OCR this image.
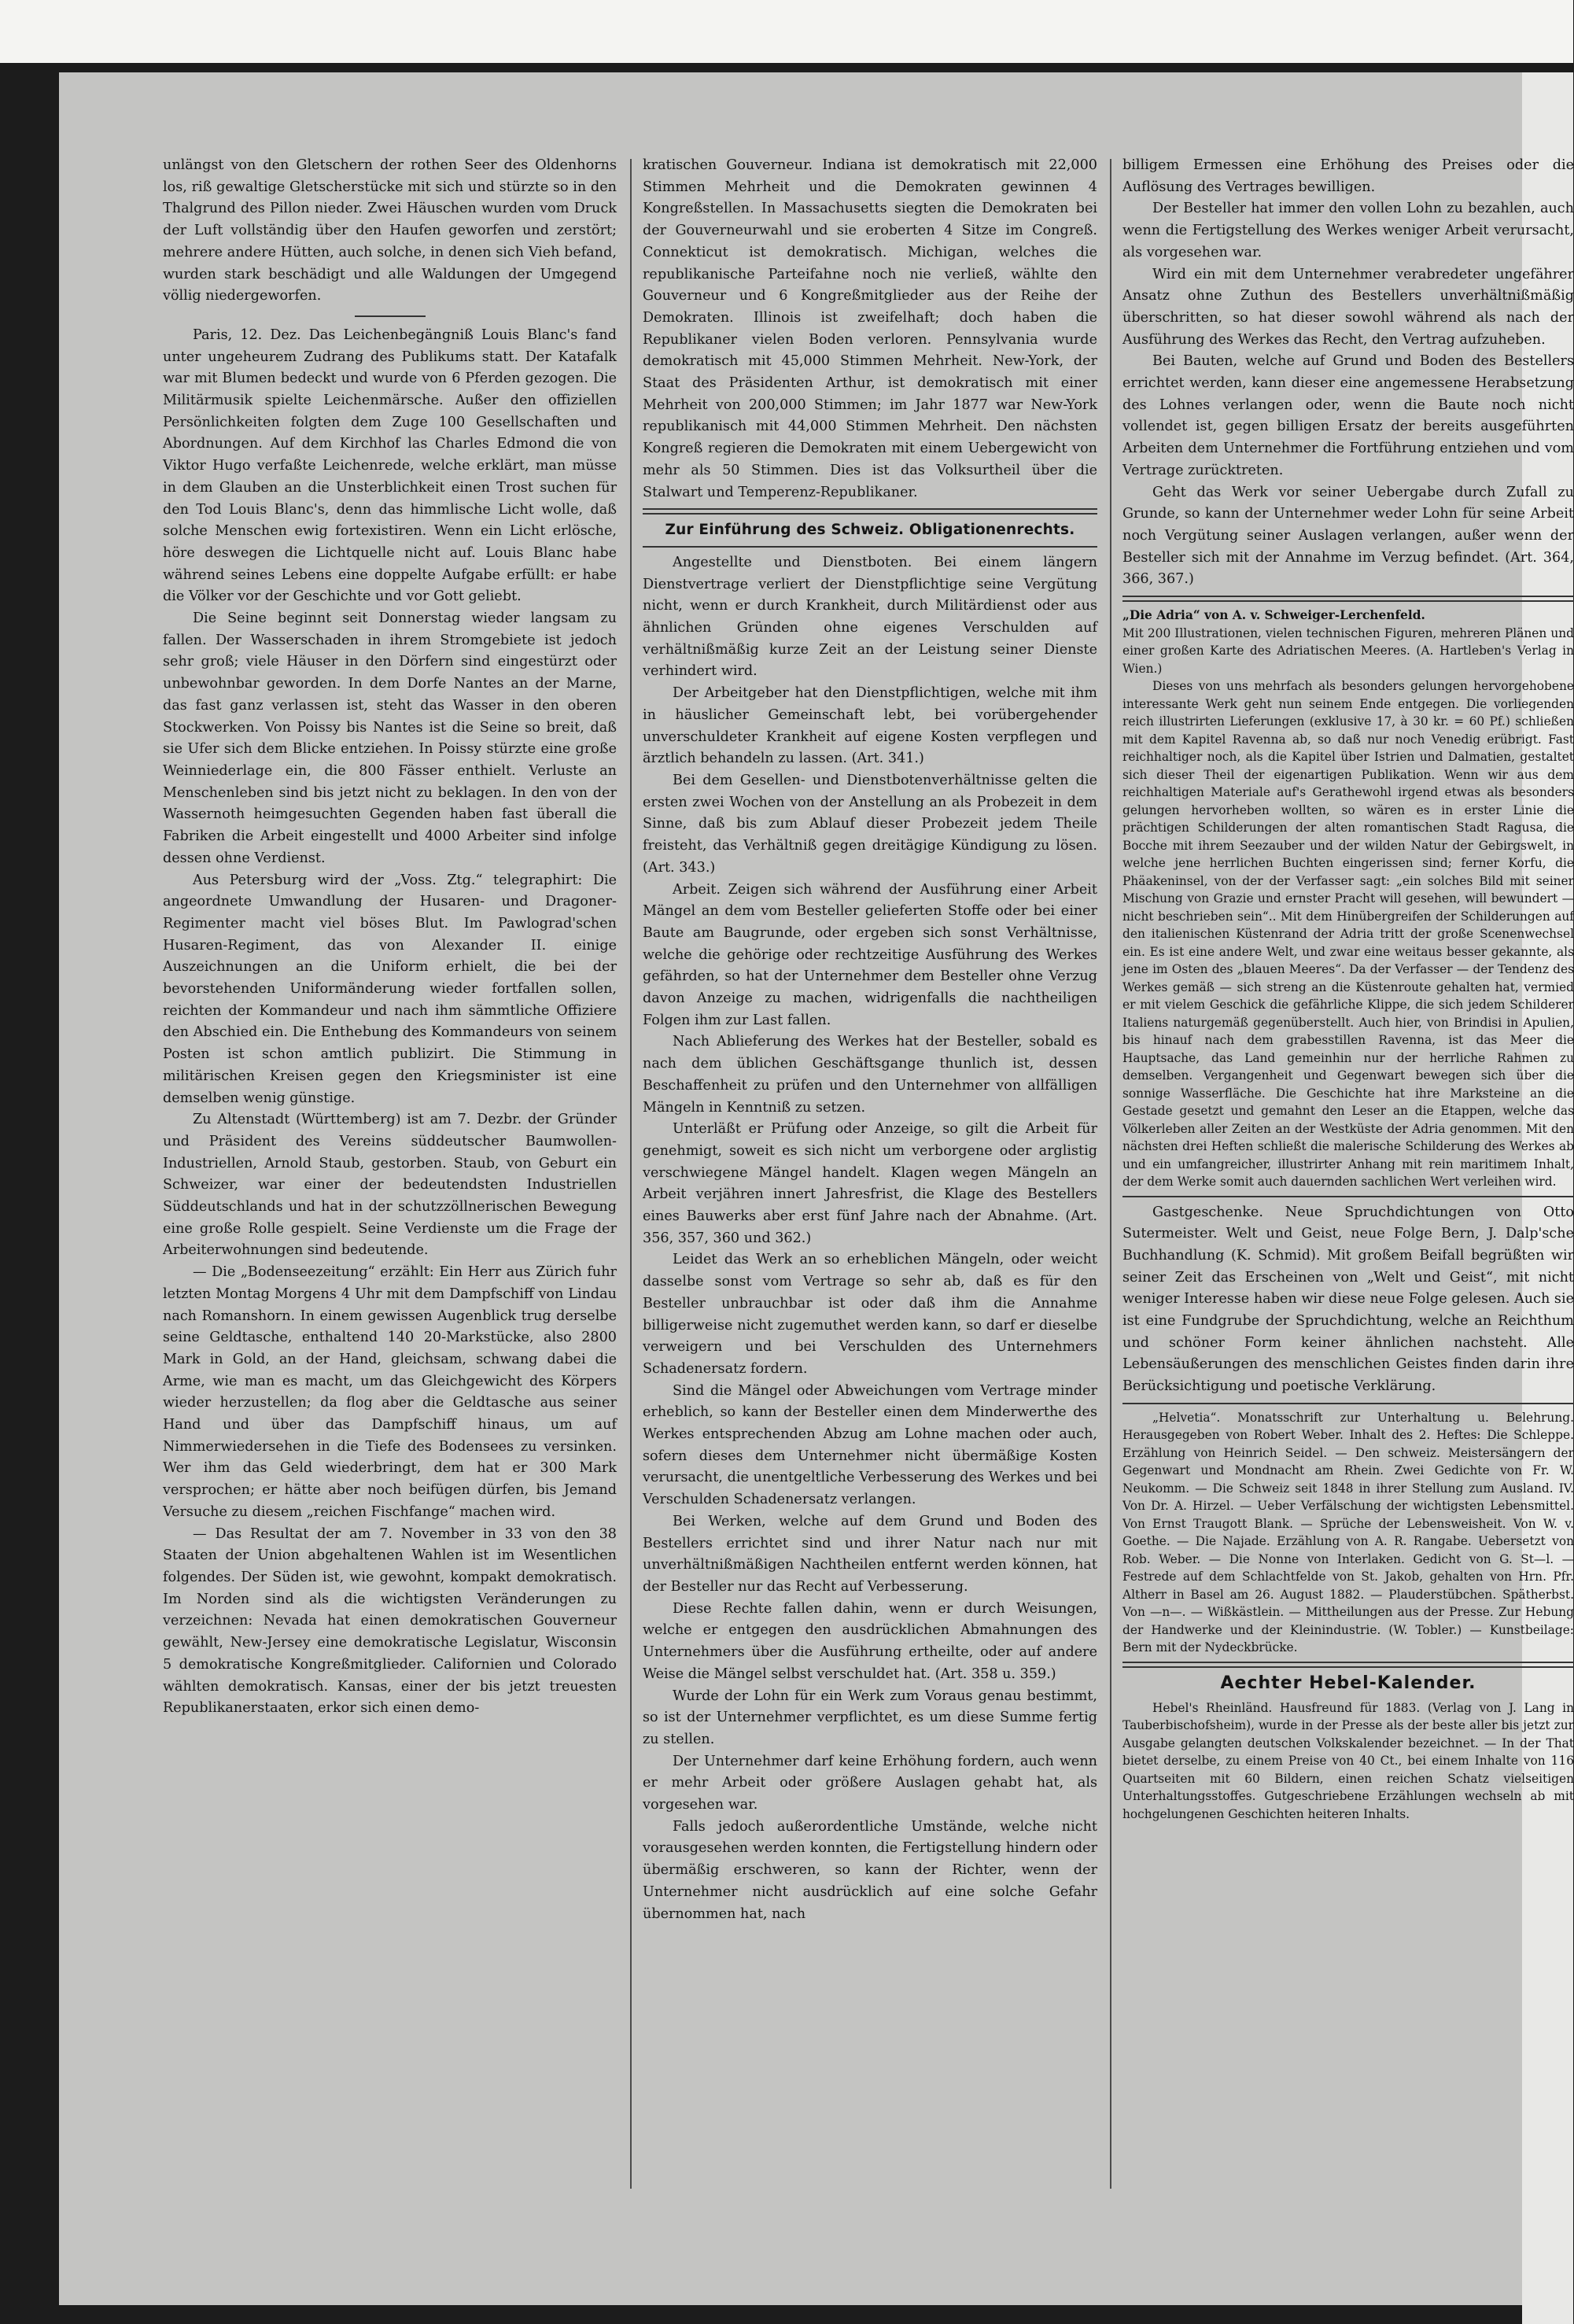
unlängst von den Gletschern der rothen Seer des Oldenhorns los, riß gewaltige Gletscherstücke mit sich und stürzte so in den Thalgrund des Pillon nieder. Zwei Häuschen wurden vom Druck der Luft vollständig über den Haufen geworfen und zerstört; mehrere andere Hütten, auch solche, in denen sich Vieh befand, wurden stark beschädigt und alle Waldungen der Umgegend völlig niedergeworfen.

Paris, 12. Dez. Das Leichenbegängniß Louis Blanc's fand unter ungeheurem Zudrang des Publikums statt. Der Katafalk war mit Blumen bedeckt und wurde von 6 Pferden gezogen. Die Militärmusik spielte Leichenmärsche. Außer den offiziellen Persönlichkeiten folgten dem Zuge 100 Gesellschaften und Abordnungen. Auf dem Kirchhof las Charles Edmond die von Viktor Hugo verfaßte Leichenrede, welche erklärt, man müsse in dem Glauben an die Unsterblichkeit einen Trost suchen für den Tod Louis Blanc's, denn das himmlische Licht wolle, daß solche Menschen ewig fortexistiren. Wenn ein Licht erlösche, höre deswegen die Lichtquelle nicht auf. Louis Blanc habe während seines Lebens eine doppelte Aufgabe erfüllt: er habe die Völker vor der Geschichte und vor Gott geliebt.

Die Seine beginnt seit Donnerstag wieder langsam zu fallen. Der Wasserschaden in ihrem Stromgebiete ist jedoch sehr groß; viele Häuser in den Dörfern sind eingestürzt oder unbewohnbar geworden. In dem Dorfe Nantes an der Marne, das fast ganz verlassen ist, steht das Wasser in den oberen Stockwerken. Von Poissy bis Nantes ist die Seine so breit, daß sie Ufer sich dem Blicke entziehen. In Poissy stürzte eine große Weinniederlage ein, die 800 Fässer enthielt. Verluste an Menschenleben sind bis jetzt nicht zu beklagen. In den von der Wassernoth heimgesuchten Gegenden haben fast überall die Fabriken die Arbeit eingestellt und 4000 Arbeiter sind infolge dessen ohne Verdienst.

Aus Petersburg wird der „Voss. Ztg.“ telegraphirt: Die angeordnete Umwandlung der Husaren- und Dragoner-Regimenter macht viel böses Blut. Im Pawlograd'schen Husaren-Regiment, das von Alexander II. einige Auszeichnungen an die Uniform erhielt, die bei der bevorstehenden Uniformänderung wieder fortfallen sollen, reichten der Kommandeur und nach ihm sämmtliche Offiziere den Abschied ein. Die Enthebung des Kommandeurs von seinem Posten ist schon amtlich publizirt. Die Stimmung in militärischen Kreisen gegen den Kriegsminister ist eine demselben wenig günstige.

Zu Altenstadt (Württemberg) ist am 7. Dezbr. der Gründer und Präsident des Vereins süddeutscher Baumwollen-Industriellen, Arnold Staub, gestorben. Staub, von Geburt ein Schweizer, war einer der bedeutendsten Industriellen Süddeutschlands und hat in der schutzzöllnerischen Bewegung eine große Rolle gespielt. Seine Verdienste um die Frage der Arbeiterwohnungen sind bedeutende.

— Die „Bodenseezeitung“ erzählt: Ein Herr aus Zürich fuhr letzten Montag Morgens 4 Uhr mit dem Dampfschiff von Lindau nach Romanshorn. In einem gewissen Augenblick trug derselbe seine Geldtasche, enthaltend 140 20-Markstücke, also 2800 Mark in Gold, an der Hand, gleichsam, schwang dabei die Arme, wie man es macht, um das Gleichgewicht des Körpers wieder herzustellen; da flog aber die Geldtasche aus seiner Hand und über das Dampfschiff hinaus, um auf Nimmerwiedersehen in die Tiefe des Bodensees zu versinken. Wer ihm das Geld wiederbringt, dem hat er 300 Mark versprochen; er hätte aber noch beifügen dürfen, bis Jemand Versuche zu diesem „reichen Fischfange“ machen wird.

— Das Resultat der am 7. November in 33 von den 38 Staaten der Union abgehaltenen Wahlen ist im Wesentlichen folgendes. Der Süden ist, wie gewohnt, kompakt demokratisch. Im Norden sind als die wichtigsten Veränderungen zu verzeichnen: Nevada hat einen demokratischen Gouverneur gewählt, New-Jersey eine demokratische Legislatur, Wisconsin 5 demokratische Kongreßmitglieder. Californien und Colorado wählten demokratisch. Kansas, einer der bis jetzt treuesten Republikanerstaaten, erkor sich einen demo-

kratischen Gouverneur. Indiana ist demokratisch mit 22,000 Stimmen Mehrheit und die Demokraten gewinnen 4 Kongreßstellen. In Massachusetts siegten die Demokraten bei der Gouverneurwahl und sie eroberten 4 Sitze im Congreß. Connekticut ist demokratisch. Michigan, welches die republikanische Parteifahne noch nie verließ, wählte den Gouverneur und 6 Kongreßmitglieder aus der Reihe der Demokraten. Illinois ist zweifelhaft; doch haben die Republikaner vielen Boden verloren. Pennsylvania wurde demokratisch mit 45,000 Stimmen Mehrheit. New-York, der Staat des Präsidenten Arthur, ist demokratisch mit einer Mehrheit von 200,000 Stimmen; im Jahr 1877 war New-York republikanisch mit 44,000 Stimmen Mehrheit. Den nächsten Kongreß regieren die Demokraten mit einem Uebergewicht von mehr als 50 Stimmen. Dies ist das Volksurtheil über die Stalwart und Temperenz-Republikaner.

Zur Einführung des Schweiz. Obligationenrechts.

Angestellte und Dienstboten. Bei einem längern Dienstvertrage verliert der Dienstpflichtige seine Vergütung nicht, wenn er durch Krankheit, durch Militärdienst oder aus ähnlichen Gründen ohne eigenes Verschulden auf verhältnißmäßig kurze Zeit an der Leistung seiner Dienste verhindert wird.

Der Arbeitgeber hat den Dienstpflichtigen, welche mit ihm in häuslicher Gemeinschaft lebt, bei vorübergehender unverschuldeter Krankheit auf eigene Kosten verpflegen und ärztlich behandeln zu lassen. (Art. 341.)

Bei dem Gesellen- und Dienstbotenverhältnisse gelten die ersten zwei Wochen von der Anstellung an als Probezeit in dem Sinne, daß bis zum Ablauf dieser Probezeit jedem Theile freisteht, das Verhältniß gegen dreitägige Kündigung zu lösen. (Art. 343.)

Arbeit. Zeigen sich während der Ausführung einer Arbeit Mängel an dem vom Besteller gelieferten Stoffe oder bei einer Baute am Baugrunde, oder ergeben sich sonst Verhältnisse, welche die gehörige oder rechtzeitige Ausführung des Werkes gefährden, so hat der Unternehmer dem Besteller ohne Verzug davon Anzeige zu machen, widrigenfalls die nachtheiligen Folgen ihm zur Last fallen.

Nach Ablieferung des Werkes hat der Besteller, sobald es nach dem üblichen Geschäftsgange thunlich ist, dessen Beschaffenheit zu prüfen und den Unternehmer von allfälligen Mängeln in Kenntniß zu setzen.

Unterläßt er Prüfung oder Anzeige, so gilt die Arbeit für genehmigt, soweit es sich nicht um verborgene oder arglistig verschwiegene Mängel handelt. Klagen wegen Mängeln an Arbeit verjähren innert Jahresfrist, die Klage des Bestellers eines Bauwerks aber erst fünf Jahre nach der Abnahme. (Art. 356, 357, 360 und 362.)

Leidet das Werk an so erheblichen Mängeln, oder weicht dasselbe sonst vom Vertrage so sehr ab, daß es für den Besteller unbrauchbar ist oder daß ihm die Annahme billigerweise nicht zugemuthet werden kann, so darf er dieselbe verweigern und bei Verschulden des Unternehmers Schadenersatz fordern.

Sind die Mängel oder Abweichungen vom Vertrage minder erheblich, so kann der Besteller einen dem Minderwerthe des Werkes entsprechenden Abzug am Lohne machen oder auch, sofern dieses dem Unternehmer nicht übermäßige Kosten verursacht, die unentgeltliche Verbesserung des Werkes und bei Verschulden Schadenersatz verlangen.

Bei Werken, welche auf dem Grund und Boden des Bestellers errichtet sind und ihrer Natur nach nur mit unverhältnißmäßigen Nachtheilen entfernt werden können, hat der Besteller nur das Recht auf Verbesserung.

Diese Rechte fallen dahin, wenn er durch Weisungen, welche er entgegen den ausdrücklichen Abmahnungen des Unternehmers über die Ausführung ertheilte, oder auf andere Weise die Mängel selbst verschuldet hat. (Art. 358 u. 359.)

Wurde der Lohn für ein Werk zum Voraus genau bestimmt, so ist der Unternehmer verpflichtet, es um diese Summe fertig zu stellen.

Der Unternehmer darf keine Erhöhung fordern, auch wenn er mehr Arbeit oder größere Auslagen gehabt hat, als vorgesehen war.

Falls jedoch außerordentliche Umstände, welche nicht vorausgesehen werden konnten, die Fertigstellung hindern oder übermäßig erschweren, so kann der Richter, wenn der Unternehmer nicht ausdrücklich auf eine solche Gefahr übernommen hat, nach

billigem Ermessen eine Erhöhung des Preises oder die Auflösung des Vertrages bewilligen.

Der Besteller hat immer den vollen Lohn zu bezahlen, auch wenn die Fertigstellung des Werkes weniger Arbeit verursacht, als vorgesehen war.

Wird ein mit dem Unternehmer verabredeter ungefährer Ansatz ohne Zuthun des Bestellers unverhältnißmäßig überschritten, so hat dieser sowohl während als nach der Ausführung des Werkes das Recht, den Vertrag aufzuheben.

Bei Bauten, welche auf Grund und Boden des Bestellers errichtet werden, kann dieser eine angemessene Herabsetzung des Lohnes verlangen oder, wenn die Baute noch nicht vollendet ist, gegen billigen Ersatz der bereits ausgeführten Arbeiten dem Unternehmer die Fortführung entziehen und vom Vertrage zurücktreten.

Geht das Werk vor seiner Uebergabe durch Zufall zu Grunde, so kann der Unternehmer weder Lohn für seine Arbeit noch Vergütung seiner Auslagen verlangen, außer wenn der Besteller sich mit der Annahme im Verzug befindet. (Art. 364, 366, 367.)

„Die Adria“ von A. v. Schweiger-Lerchenfeld.

Mit 200 Illustrationen, vielen technischen Figuren, mehreren Plänen und einer großen Karte des Adriatischen Meeres. (A. Hartleben's Verlag in Wien.)

Dieses von uns mehrfach als besonders gelungen hervorgehobene interessante Werk geht nun seinem Ende entgegen. Die vorliegenden reich illustrirten Lieferungen (exklusive 17, à 30 kr. = 60 Pf.) schließen mit dem Kapitel Ravenna ab, so daß nur noch Venedig erübrigt. Fast reichhaltiger noch, als die Kapitel über Istrien und Dalmatien, gestaltet sich dieser Theil der eigenartigen Publikation. Wenn wir aus dem reichhaltigen Materiale auf's Gerathewohl irgend etwas als besonders gelungen hervorheben wollten, so wären es in erster Linie die prächtigen Schilderungen der alten romantischen Stadt Ragusa, die Bocche mit ihrem Seezauber und der wilden Natur der Gebirgswelt, in welche jene herrlichen Buchten eingerissen sind; ferner Korfu, die Phäakeninsel, von der der Verfasser sagt: „ein solches Bild mit seiner Mischung von Grazie und ernster Pracht will gesehen, will bewundert — nicht beschrieben sein“.. Mit dem Hinübergreifen der Schilderungen auf den italienischen Küstenrand der Adria tritt der große Scenenwechsel ein. Es ist eine andere Welt, und zwar eine weitaus besser gekannte, als jene im Osten des „blauen Meeres“. Da der Verfasser — der Tendenz des Werkes gemäß — sich streng an die Küstenroute gehalten hat, vermied er mit vielem Geschick die gefährliche Klippe, die sich jedem Schilderer Italiens naturgemäß gegenüberstellt. Auch hier, von Brindisi in Apulien, bis hinauf nach dem grabesstillen Ravenna, ist das Meer die Hauptsache, das Land gemeinhin nur der herrliche Rahmen zu demselben. Vergangenheit und Gegenwart bewegen sich über die sonnige Wasserfläche. Die Geschichte hat ihre Marksteine an die Gestade gesetzt und gemahnt den Leser an die Etappen, welche das Völkerleben aller Zeiten an der Westküste der Adria genommen. Mit den nächsten drei Heften schließt die malerische Schilderung des Werkes ab und ein umfangreicher, illustrirter Anhang mit rein maritimem Inhalt, der dem Werke somit auch dauernden sachlichen Wert verleihen wird.

Gastgeschenke. Neue Spruchdichtungen von Otto Sutermeister. Welt und Geist, neue Folge Bern, J. Dalp'sche Buchhandlung (K. Schmid). Mit großem Beifall begrüßten wir seiner Zeit das Erscheinen von „Welt und Geist“, mit nicht weniger Interesse haben wir diese neue Folge gelesen. Auch sie ist eine Fundgrube der Spruchdichtung, welche an Reichthum und schöner Form keiner ähnlichen nachsteht. Alle Lebensäußerungen des menschlichen Geistes finden darin ihre Berücksichtigung und poetische Verklärung.

„Helvetia“. Monatsschrift zur Unterhaltung u. Belehrung. Herausgegeben von Robert Weber. Inhalt des 2. Heftes: Die Schleppe. Erzählung von Heinrich Seidel. — Den schweiz. Meistersängern der Gegenwart und Mondnacht am Rhein. Zwei Gedichte von Fr. W. Neukomm. — Die Schweiz seit 1848 in ihrer Stellung zum Ausland. IV. Von Dr. A. Hirzel. — Ueber Verfälschung der wichtigsten Lebensmittel. Von Ernst Traugott Blank. — Sprüche der Lebensweisheit. Von W. v. Goethe. — Die Najade. Erzählung von A. R. Rangabe. Uebersetzt von Rob. Weber. — Die Nonne von Interlaken. Gedicht von G. St—l. — Festrede auf dem Schlachtfelde von St. Jakob, gehalten von Hrn. Pfr. Altherr in Basel am 26. August 1882. — Plauderstübchen. Spätherbst. Von —n—. — Wißkästlein. — Mittheilungen aus der Presse. Zur Hebung der Handwerke und der Kleinindustrie. (W. Tobler.) — Kunstbeilage: Bern mit der Nydeckbrücke.

Aechter Hebel-Kalender.

Hebel's Rheinländ. Hausfreund für 1883. (Verlag von J. Lang in Tauberbischofsheim), wurde in der Presse als der beste aller bis jetzt zur Ausgabe gelangten deutschen Volkskalender bezeichnet. — In der That bietet derselbe, zu einem Preise von 40 Ct., bei einem Inhalte von 116 Quartseiten mit 60 Bildern, einen reichen Schatz vielseitigen Unterhaltungsstoffes. Gutgeschriebene Erzählungen wechseln ab mit hochgelungenen Geschichten heiteren Inhalts.
